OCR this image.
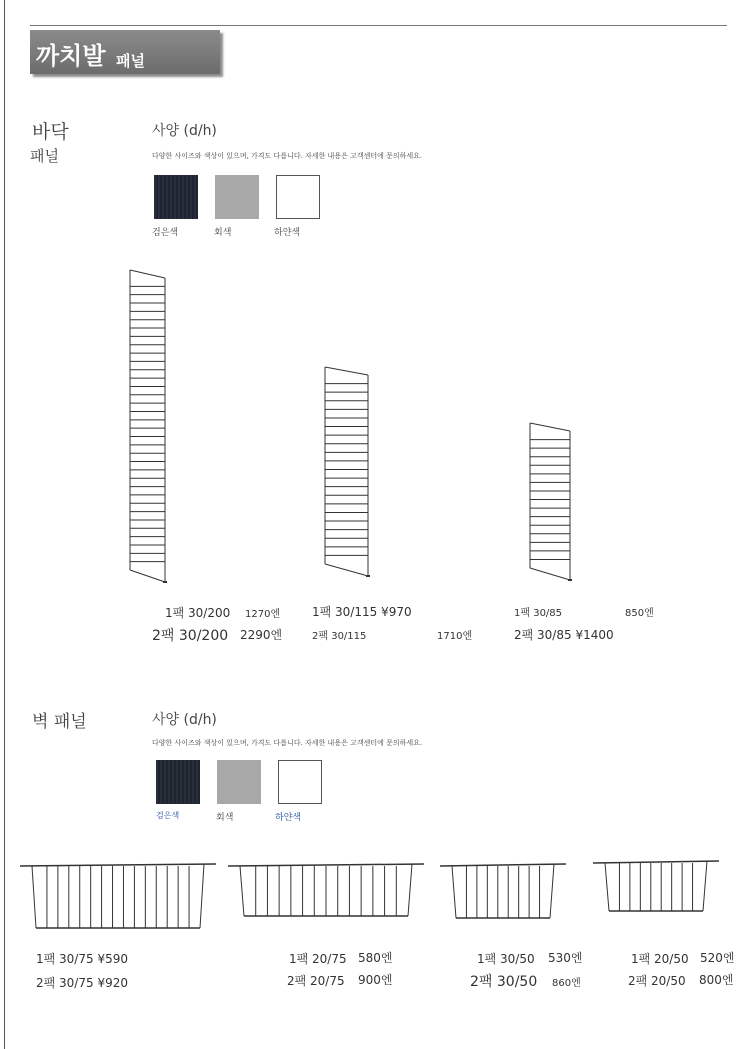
까치발 패널
바닥
패널
사양 (d/h)
다양한 사이즈와 색상이 있으며, 가격도 다릅니다. 자세한 내용은 고객센터에 문의하세요.
검은색	회색	하얀색
1팩 30/200 1270엔
2팩 30/200 2290엔
1팩 30/115 ¥970
2팩 30/115	1710엔
1팩 30/85	850엔
2팩 30/85 ¥1400
벽 패널	사양 (d/h)
다양한 사이즈와 색상이 있으며, 가격도 다릅니다. 자세한 내용은 고객센터에 문의하세요.
검은색	회색	하얀색
1팩 30/75 ¥590
2팩 30/75 ¥920
1팩 20/75 580엔
2팩 20/75 900엔
1팩 30/50 530엔
2팩 30/50 860엔
1팩 20/50 520엔
2팩 20/50 800엔
